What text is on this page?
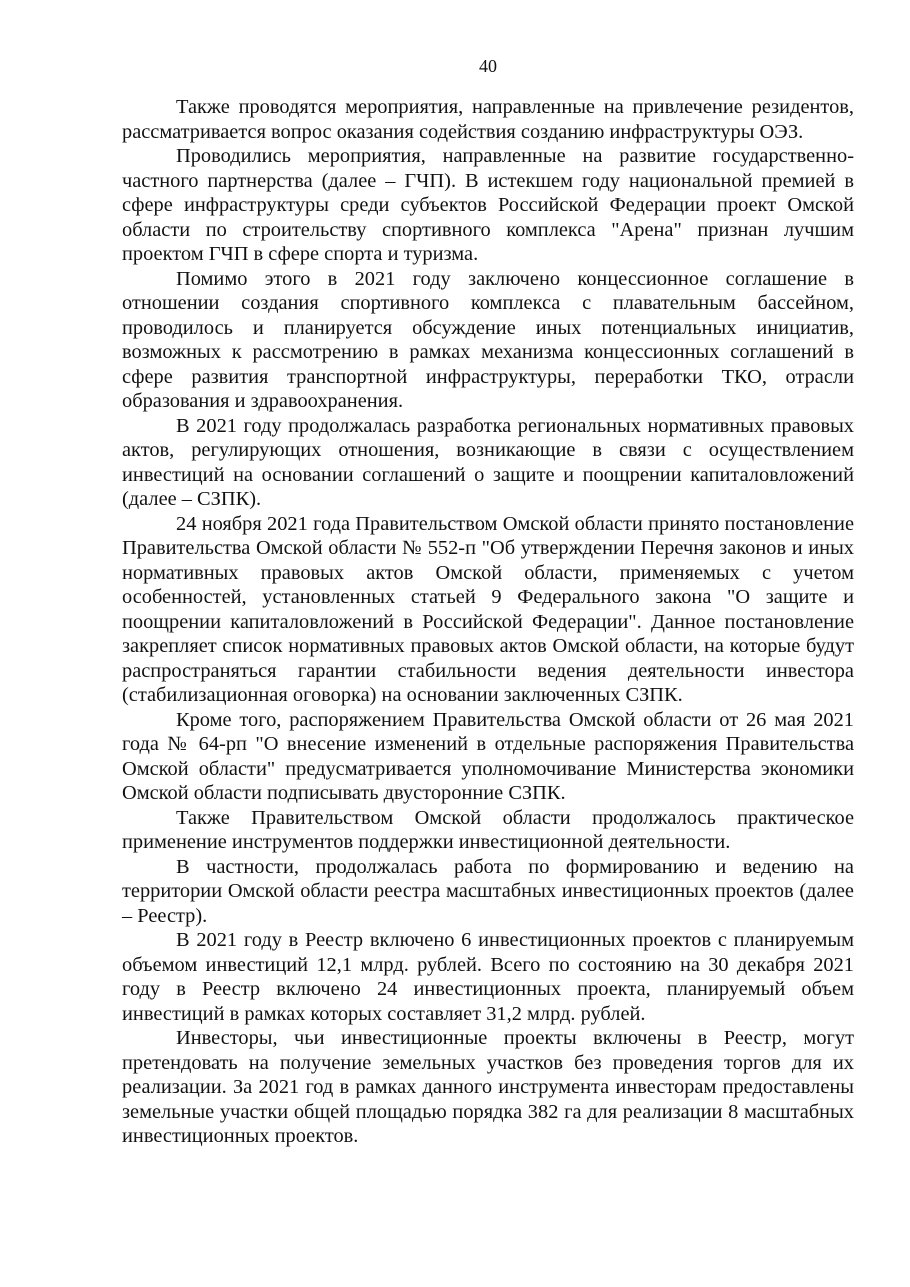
40

Также проводятся мероприятия, направленные на привлечение резидентов, рассматривается вопрос оказания содействия созданию инфраструктуры ОЭЗ.

Проводились мероприятия, направленные на развитие государственно-частного партнерства (далее – ГЧП). В истекшем году национальной премией в сфере инфраструктуры среди субъектов Российской Федерации проект Омской области по строительству спортивного комплекса "Арена" признан лучшим проектом ГЧП в сфере спорта и туризма.

Помимо этого в 2021 году заключено концессионное соглашение в отношении создания спортивного комплекса с плавательным бассейном, проводилось и планируется обсуждение иных потенциальных инициатив, возможных к рассмотрению в рамках механизма концессионных соглашений в сфере развития транспортной инфраструктуры, переработки ТКО, отрасли образования и здравоохранения.

В 2021 году продолжалась разработка региональных нормативных правовых актов, регулирующих отношения, возникающие в связи с осуществлением инвестиций на основании соглашений о защите и поощрении капиталовложений (далее – СЗПК).

24 ноября 2021 года Правительством Омской области принято постановление Правительства Омской области № 552-п "Об утверждении Перечня законов и иных нормативных правовых актов Омской области, применяемых с учетом особенностей, установленных статьей 9 Федерального закона "О защите и поощрении капиталовложений в Российской Федерации". Данное постановление закрепляет список нормативных правовых актов Омской области, на которые будут распространяться гарантии стабильности ведения деятельности инвестора (стабилизационная оговорка) на основании заключенных СЗПК.

Кроме того, распоряжением Правительства Омской области от 26 мая 2021 года № 64-рп "О внесение изменений в отдельные распоряжения Правительства Омской области" предусматривается уполномочивание Министерства экономики Омской области подписывать двусторонние СЗПК.

Также Правительством Омской области продолжалось практическое применение инструментов поддержки инвестиционной деятельности.

В частности, продолжалась работа по формированию и ведению на территории Омской области реестра масштабных инвестиционных проектов (далее – Реестр).

В 2021 году в Реестр включено 6 инвестиционных проектов с планируемым объемом инвестиций 12,1 млрд. рублей. Всего по состоянию на 30 декабря 2021 году в Реестр включено 24 инвестиционных проекта, планируемый объем инвестиций в рамках которых составляет 31,2 млрд. рублей.

Инвесторы, чьи инвестиционные проекты включены в Реестр, могут претендовать на получение земельных участков без проведения торгов для их реализации. За 2021 год в рамках данного инструмента инвесторам предоставлены земельные участки общей площадью порядка 382 га для реализации 8 масштабных инвестиционных проектов.
